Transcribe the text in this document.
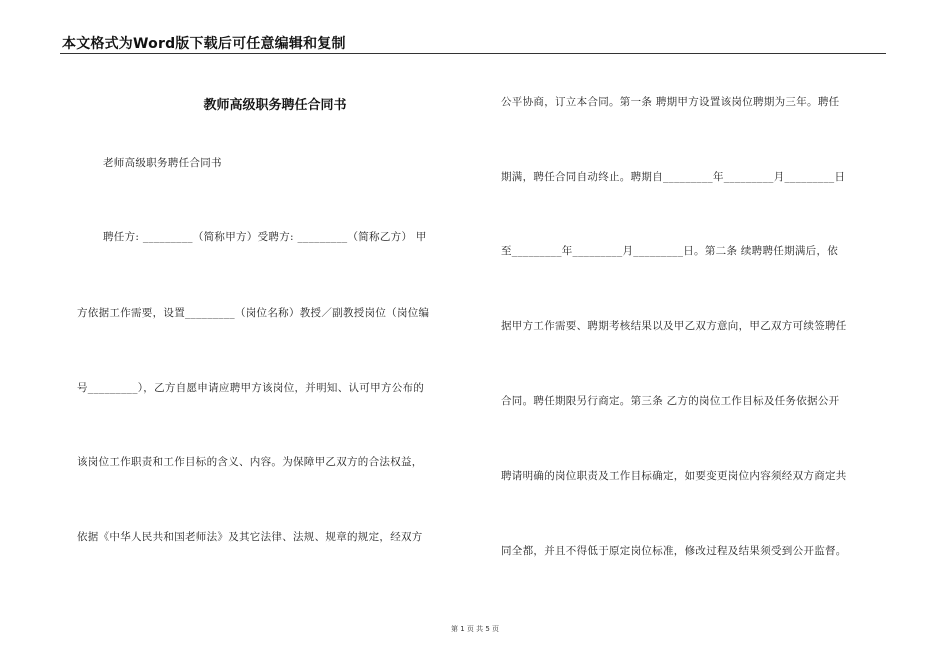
本文格式为Word版下载后可任意编辑和复制
教师高级职务聘任合同书
老师高级职务聘任合同书
聘任方: _________（简称甲方）受聘方: _________（简称乙方） 甲
方依据工作需要，设置_________（岗位名称）教授／副教授岗位（岗位编
号_________），乙方自愿申请应聘甲方该岗位，并明知、认可甲方公布的
该岗位工作职责和工作目标的含义、内容。为保障甲乙双方的合法权益，
依据《中华人民共和国老师法》及其它法律、法规、规章的规定，经双方
公平协商，订立本合同。第一条 聘期甲方设置该岗位聘期为三年。聘任
期满，聘任合同自动终止。聘期自_________年_________月_________日
至_________年_________月_________日。第二条 续聘聘任期满后，依
据甲方工作需要、聘期考核结果以及甲乙双方意向，甲乙双方可续签聘任
合同。聘任期限另行商定。第三条 乙方的岗位工作目标及任务依据公开
聘请明确的岗位职责及工作目标确定，如要变更岗位内容须经双方商定共
同全都，并且不得低于原定岗位标准，修改过程及结果须受到公开监督。
第 1 页 共 5 页
